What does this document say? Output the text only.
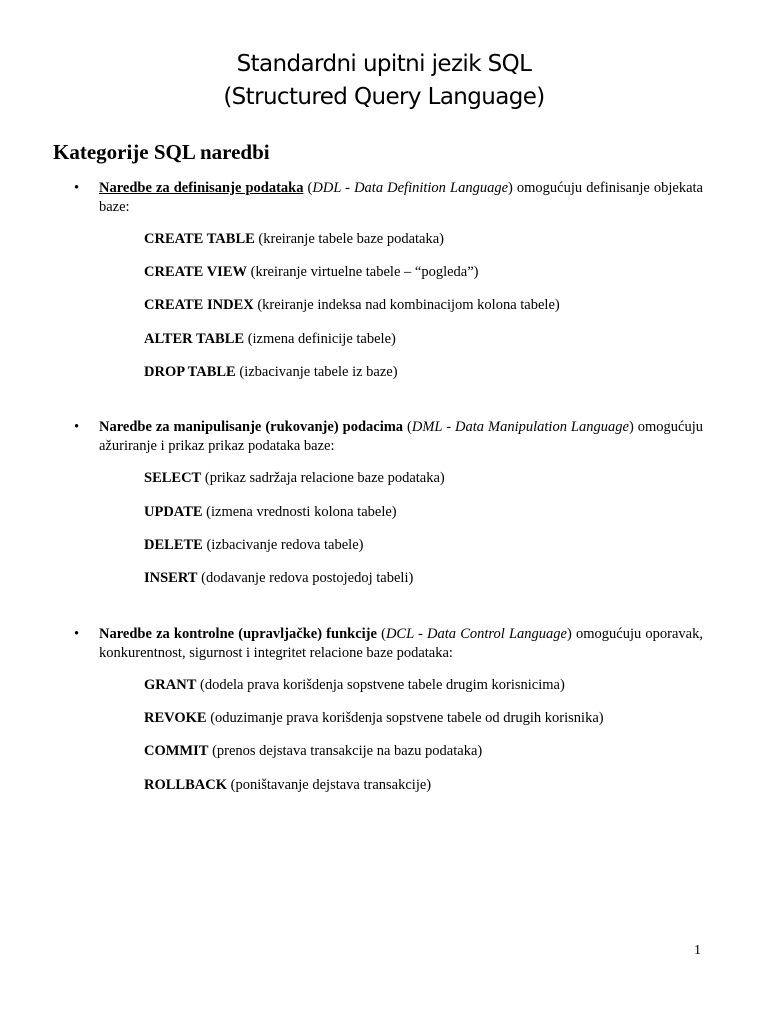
Standardni upitni jezik SQL
(Structured Query Language)
Kategorije SQL naredbi
• Naredbe za definisanje podataka (DDL - Data Definition Language) omogućuju definisanje objekata baze:

CREATE TABLE (kreiranje tabele baze podataka)

CREATE VIEW (kreiranje virtuelne tabele – “pogleda”)

CREATE INDEX (kreiranje indeksa nad kombinacijom kolona tabele)

ALTER TABLE (izmena definicije tabele)

DROP TABLE (izbacivanje tabele iz baze)

• Naredbe za manipulisanje (rukovanje) podacima (DML - Data Manipulation Language) omogućuju ažuriranje i prikaz prikaz podataka baze:

SELECT (prikaz sadržaja relacione baze podataka)

UPDATE (izmena vrednosti kolona tabele)

DELETE (izbacivanje redova tabele)

INSERT (dodavanje redova postojedoj tabeli)

• Naredbe za kontrolne (upravljačke) funkcije (DCL - Data Control Language) omogućuju oporavak, konkurentnost, sigurnost i integritet relacione baze podataka:

GRANT (dodela prava korišdenja sopstvene tabele drugim korisnicima)

REVOKE (oduzimanje prava korišdenja sopstvene tabele od drugih korisnika)

COMMIT (prenos dejstava transakcije na bazu podataka)

ROLLBACK (poništavanje dejstava transakcije)

1
